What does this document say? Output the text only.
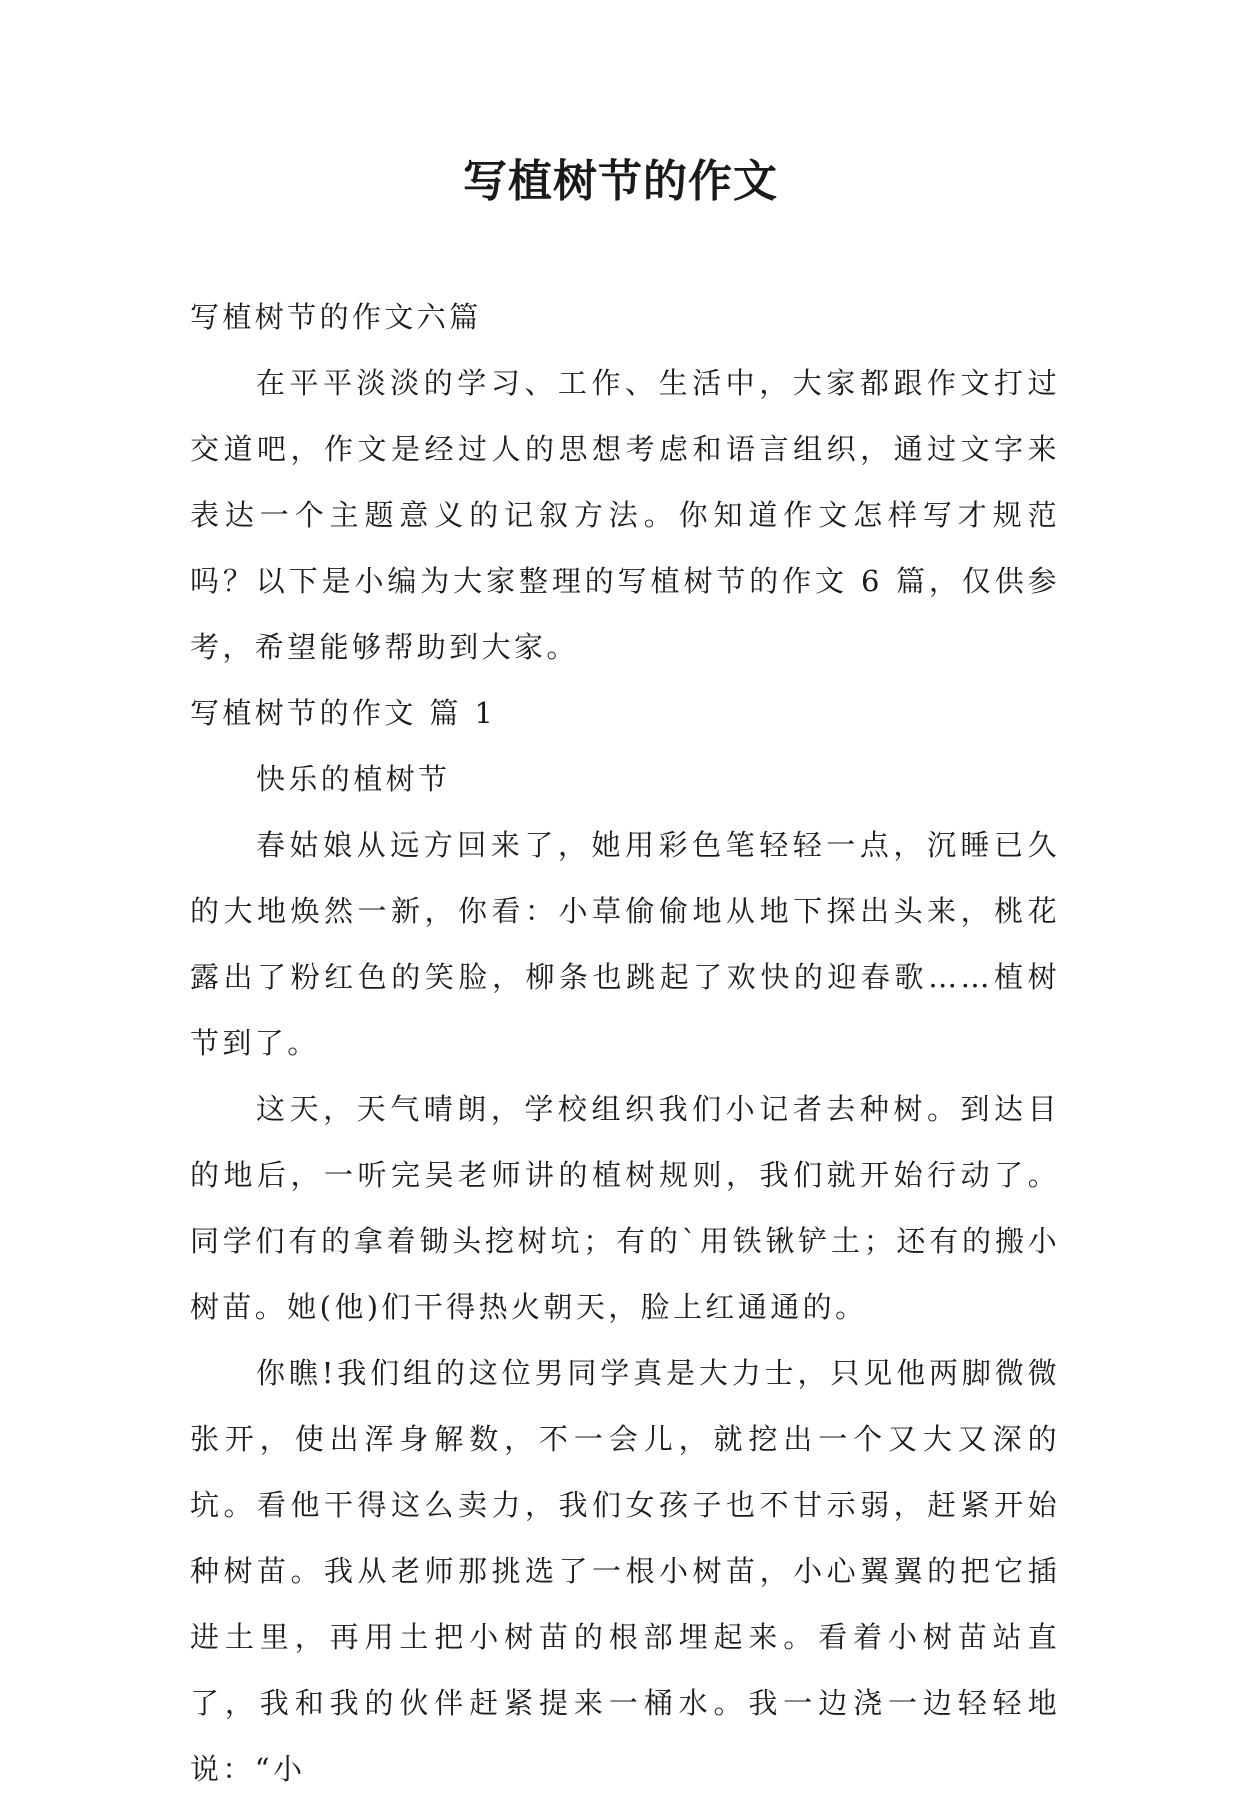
写植树节的作文

写植树节的作文六篇

在平平淡淡的学习、工作、生活中，大家都跟作文打过交道吧，作文是经过人的思想考虑和语言组织，通过文字来表达一个主题意义的记叙方法。你知道作文怎样写才规范吗？以下是小编为大家整理的写植树节的作文 6 篇，仅供参考，希望能够帮助到大家。

写植树节的作文 篇 1

快乐的植树节

春姑娘从远方回来了，她用彩色笔轻轻一点，沉睡已久的大地焕然一新，你看：小草偷偷地从地下探出头来，桃花露出了粉红色的笑脸，柳条也跳起了欢快的迎春歌……植树节到了。

这天，天气晴朗，学校组织我们小记者去种树。到达目的地后，一听完吴老师讲的植树规则，我们就开始行动了。同学们有的拿着锄头挖树坑；有的`用铁锹铲土；还有的搬小树苗。她(他)们干得热火朝天，脸上红通通的。

你瞧!我们组的这位男同学真是大力士，只见他两脚微微张开，使出浑身解数，不一会儿，就挖出一个又大又深的坑。看他干得这么卖力，我们女孩子也不甘示弱，赶紧开始种树苗。我从老师那挑选了一根小树苗，小心翼翼的把它插进土里，再用土把小树苗的根部埋起来。看着小树苗站直了，我和我的伙伴赶紧提来一桶水。我一边浇一边轻轻地说：“小
